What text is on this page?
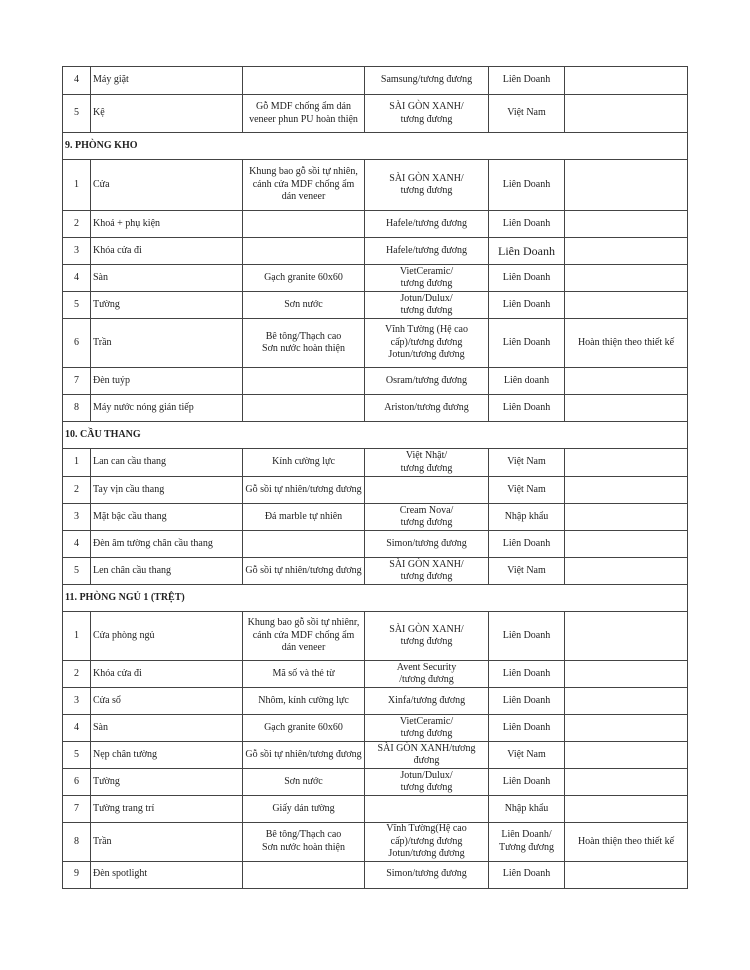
4	Máy giặt		Samsung/tương đương	Liên Doanh	
5	Kệ	Gỗ MDF chống ẩm dán
veneer phun PU hoàn thiện	SÀI GÒN XANH/
tương đương	Việt Nam	
9. PHÒNG KHO					
1	Cửa	Khung bao gỗ sồi tự nhiên,
cánh cửa MDF chống ẩm
dán veneer	SÀI GÒN XANH/
tương đương	Liên Doanh	
2	Khoá + phụ kiện		Hafele/tương đương	Liên Doanh	
3	Khóa cửa đi		Hafele/tương đương	Liên Doanh	
4	Sàn	Gạch granite 60x60	VietCeramic/
tương đương	Liên Doanh	
5	Tường	Sơn nước	Jotun/Dulux/
tương đương	Liên Doanh	
6	Trần	Bê tông/Thạch cao
Sơn nước hoàn thiện	Vĩnh Tường (Hệ cao
cấp)/tương đương
Jotun/tương đương	Liên Doanh	Hoàn thiện theo thiết kế
7	Đèn tuýp		Osram/tương đương	Liên doanh	
8	Máy nước nóng gián tiếp		Ariston/tương đương	Liên Doanh	
10. CẦU THANG					
1	Lan can cầu thang	Kính cường lực	Việt Nhật/
tương đương	Việt Nam	
2	Tay vịn cầu thang	Gỗ sồi tự nhiên/tương đương		Việt Nam	
3	Mặt bậc cầu thang	Đá marble tự nhiên	Cream Nova/
tương đương	Nhập khẩu	
4	Đèn âm tường chân cầu thang		Simon/tương đương	Liên Doanh	
5	Len chân cầu thang	Gỗ sồi tự nhiên/tương đương	SÀI GÒN XANH/
tương đương	Việt Nam	
11. PHÒNG NGỦ 1 (TRỆT)					
1	Cửa phòng ngủ	Khung bao gỗ sồi tự nhiênr,
cánh cửa MDF chống ẩm
dán veneer	SÀI GÒN XANH/
tương đương	Liên Doanh	
2	Khóa cửa đi	Mã số và thẻ từ	Avent Security
/tương đương	Liên Doanh	
3	Cửa sổ	Nhôm, kính cường lực	Xinfa/tương đương	Liên Doanh	
4	Sàn	Gạch granite 60x60	VietCeramic/
tương đương	Liên Doanh	
5	Nẹp chân tường	Gỗ sồi tự nhiên/tương đương	SÀI GÒN XANH/tương
đương	Việt Nam	
6	Tường	Sơn nước	Jotun/Dulux/
tương đương	Liên Doanh	
7	Tường trang trí	Giấy dán tường		Nhập khẩu	
8	Trần	Bê tông/Thạch cao
Sơn nước hoàn thiện	Vĩnh Tường(Hệ cao
cấp)/tương đương
Jotun/tương đương	Liên Doanh/
Tương đương	Hoàn thiện theo thiết kế
9	Đèn spotlight		Simon/tương đương	Liên Doanh	
